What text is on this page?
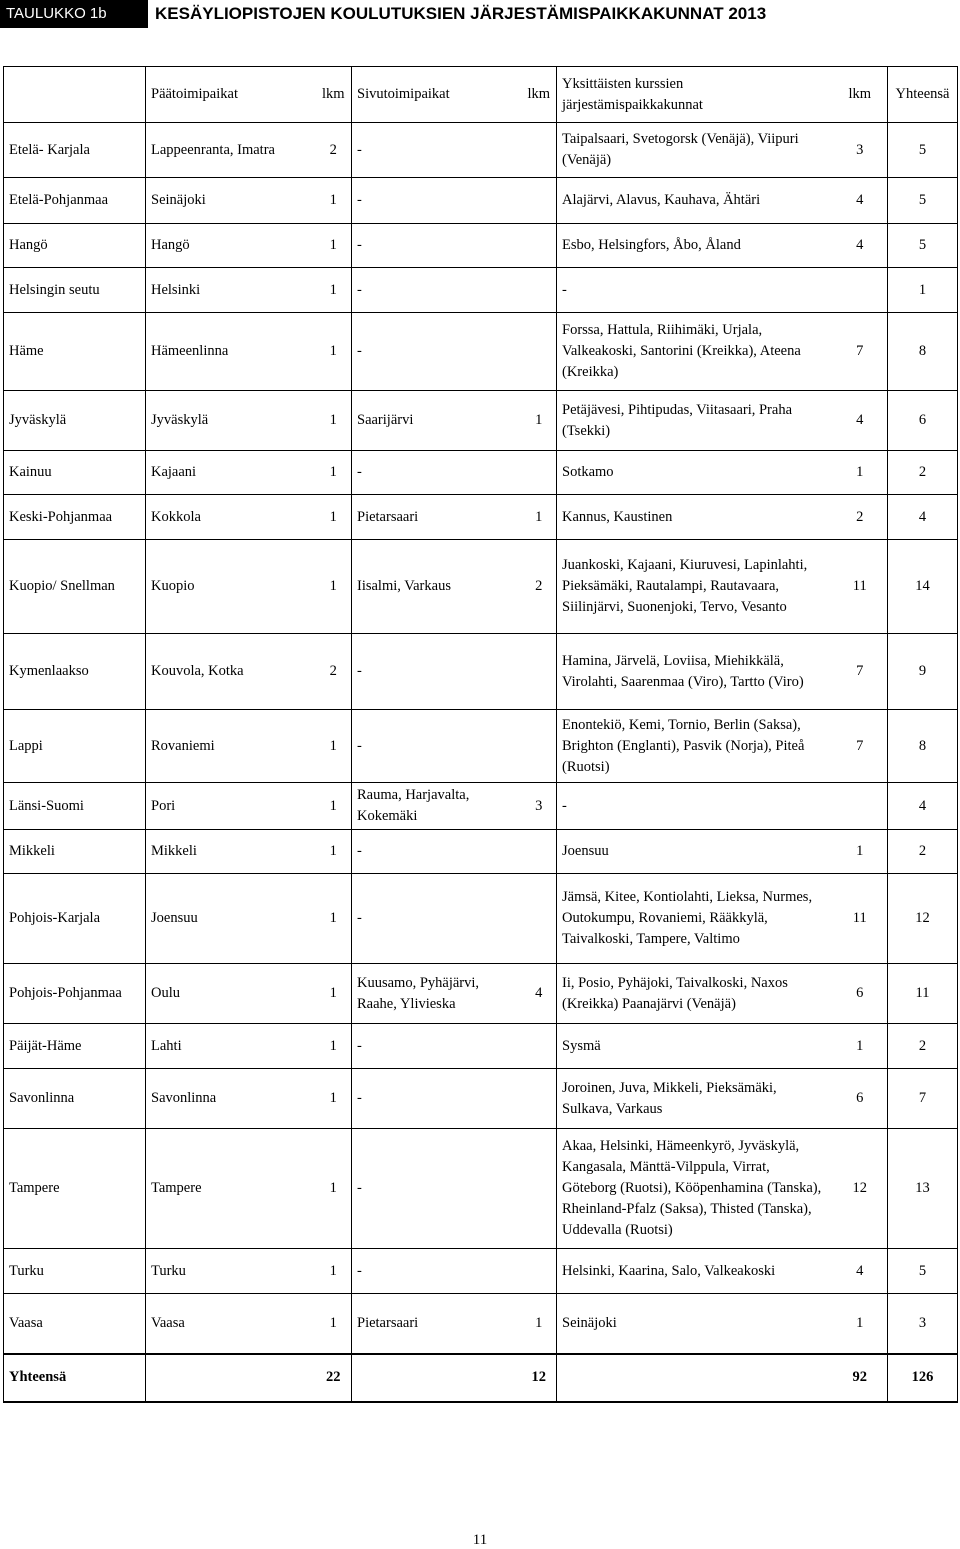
TAULUKKO 1b	KESÄYLIOPISTOJEN KOULUTUKSIEN JÄRJESTÄMISPAIKKAKUNNAT 2013
	Päätoimipaikat	lkm	Sivutoimipaikat	lkm	Yksittäisten kurssien järjestämispaikkakunnat	lkm	Yhteensä
Etelä- Karjala	Lappeenranta, Imatra	2	-		Taipalsaari, Svetogorsk (Venäjä), Viipuri (Venäjä)	3	5
Etelä-Pohjanmaa	Seinäjoki	1	-		Alajärvi, Alavus, Kauhava, Ähtäri	4	5
Hangö	Hangö	1	-		Esbo, Helsingfors, Åbo, Åland	4	5
Helsingin seutu	Helsinki	1	-		-		1
Häme	Hämeenlinna	1	-		Forssa, Hattula, Riihimäki, Urjala, Valkeakoski, Santorini (Kreikka), Ateena (Kreikka)	7	8
Jyväskylä	Jyväskylä	1	Saarijärvi	1	Petäjävesi, Pihtipudas, Viitasaari, Praha (Tsekki)	4	6
Kainuu	Kajaani	1	-		Sotkamo	1	2
Keski-Pohjanmaa	Kokkola	1	Pietarsaari	1	Kannus, Kaustinen	2	4
Kuopio/ Snellman	Kuopio	1	Iisalmi, Varkaus	2	Juankoski, Kajaani, Kiuruvesi, Lapinlahti, Pieksämäki, Rautalampi, Rautavaara, Siilinjärvi, Suonenjoki, Tervo, Vesanto	11	14
Kymenlaakso	Kouvola, Kotka	2	-		Hamina, Järvelä, Loviisa, Miehikkälä, Virolahti, Saarenmaa (Viro), Tartto (Viro)	7	9
Lappi	Rovaniemi	1	-		Enontekiö, Kemi, Tornio, Berlin (Saksa), Brighton (Englanti), Pasvik (Norja), Piteå (Ruotsi)	7	8
Länsi-Suomi	Pori	1	Rauma, Harjavalta, Kokemäki	3	-		4
Mikkeli	Mikkeli	1	-		Joensuu	1	2
Pohjois-Karjala	Joensuu	1	-		Jämsä, Kitee, Kontiolahti, Lieksa, Nurmes, Outokumpu, Rovaniemi, Rääkkylä, Taivalkoski, Tampere, Valtimo	11	12
Pohjois-Pohjanmaa	Oulu	1	Kuusamo, Pyhäjärvi, Raahe, Ylivieska	4	Ii, Posio, Pyhäjoki, Taivalkoski, Naxos (Kreikka) Paanajärvi (Venäjä)	6	11
Päijät-Häme	Lahti	1	-		Sysmä	1	2
Savonlinna	Savonlinna	1	-		Joroinen, Juva, Mikkeli, Pieksämäki, Sulkava, Varkaus	6	7
Tampere	Tampere	1	-		Akaa, Helsinki, Hämeenkyrö, Jyväskylä, Kangasala, Mänttä-Vilppula, Virrat, Göteborg (Ruotsi), Kööpenhamina (Tanska), Rheinland-Pfalz (Saksa), Thisted (Tanska), Uddevalla (Ruotsi)	12	13
Turku	Turku	1	-		Helsinki, Kaarina, Salo, Valkeakoski	4	5
Vaasa	Vaasa	1	Pietarsaari	1	Seinäjoki	1	3
Yhteensä		22		12		92	126
11
